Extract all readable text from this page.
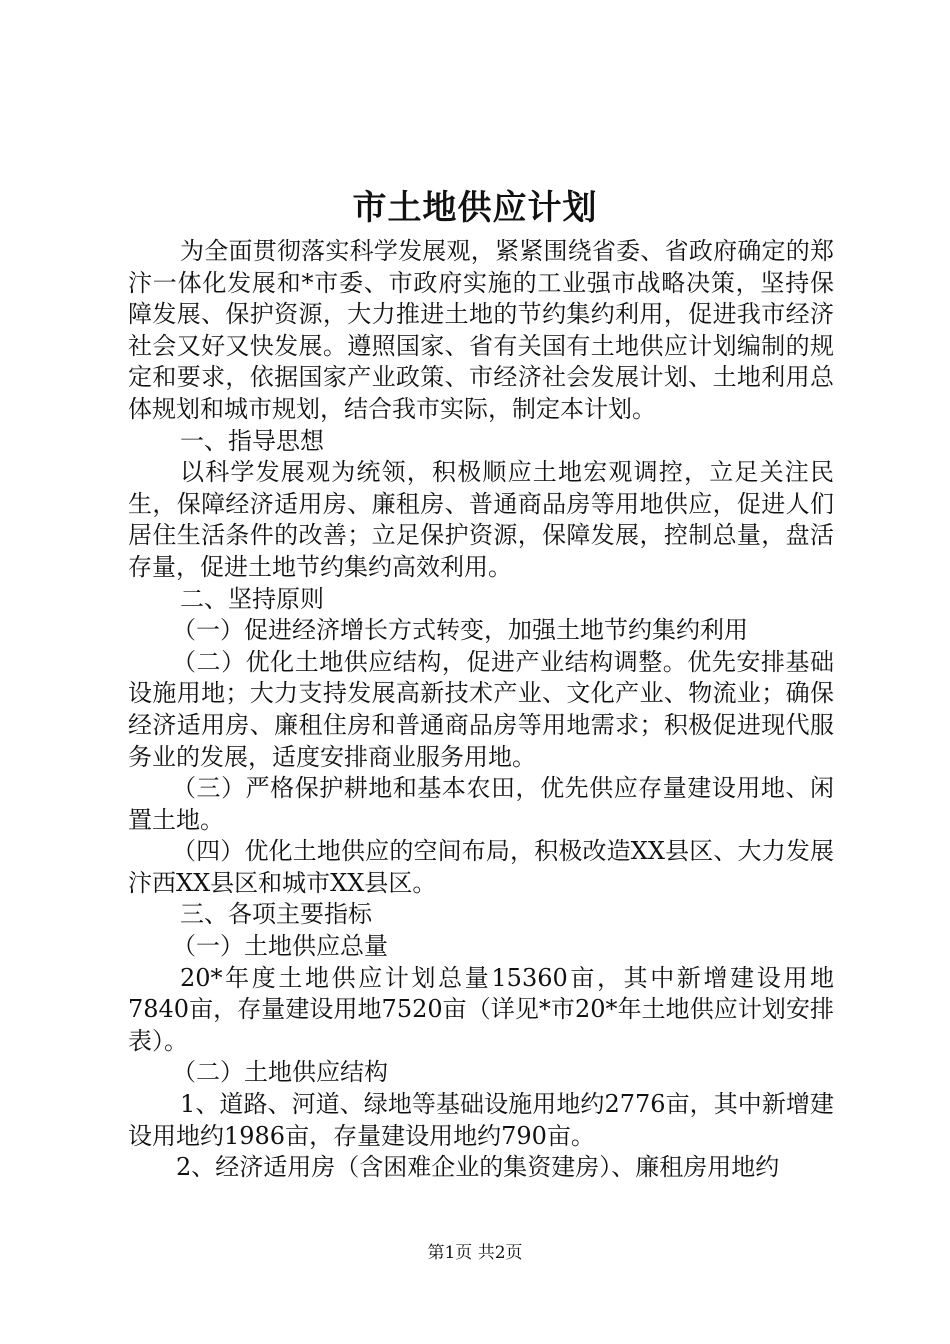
市土地供应计划

为全面贯彻落实科学发展观，紧紧围绕省委、省政府确定的郑汴一体化发展和*市委、市政府实施的工业强市战略决策，坚持保障发展、保护资源，大力推进土地的节约集约利用，促进我市经济社会又好又快发展。遵照国家、省有关国有土地供应计划编制的规定和要求，依据国家产业政策、市经济社会发展计划、土地利用总体规划和城市规划，结合我市实际，制定本计划。

一、指导思想

以科学发展观为统领，积极顺应土地宏观调控，立足关注民生，保障经济适用房、廉租房、普通商品房等用地供应，促进人们居住生活条件的改善；立足保护资源，保障发展，控制总量，盘活存量，促进土地节约集约高效利用。

二、坚持原则

（一）促进经济增长方式转变，加强土地节约集约利用

（二）优化土地供应结构，促进产业结构调整。优先安排基础设施用地；大力支持发展高新技术产业、文化产业、物流业；确保经济适用房、廉租住房和普通商品房等用地需求；积极促进现代服务业的发展，适度安排商业服务用地。

（三）严格保护耕地和基本农田，优先供应存量建设用地、闲置土地。

（四）优化土地供应的空间布局，积极改造XX县区、大力发展汴西XX县区和城市XX县区。

三、各项主要指标

（一）土地供应总量

20*年度土地供应计划总量15360亩，其中新增建设用地7840亩，存量建设用地7520亩（详见*市20*年土地供应计划安排表）。

（二）土地供应结构

1、道路、河道、绿地等基础设施用地约2776亩，其中新增建设用地约1986亩，存量建设用地约790亩。

2、经济适用房（含困难企业的集资建房）、廉租房用地约

第1页 共2页
